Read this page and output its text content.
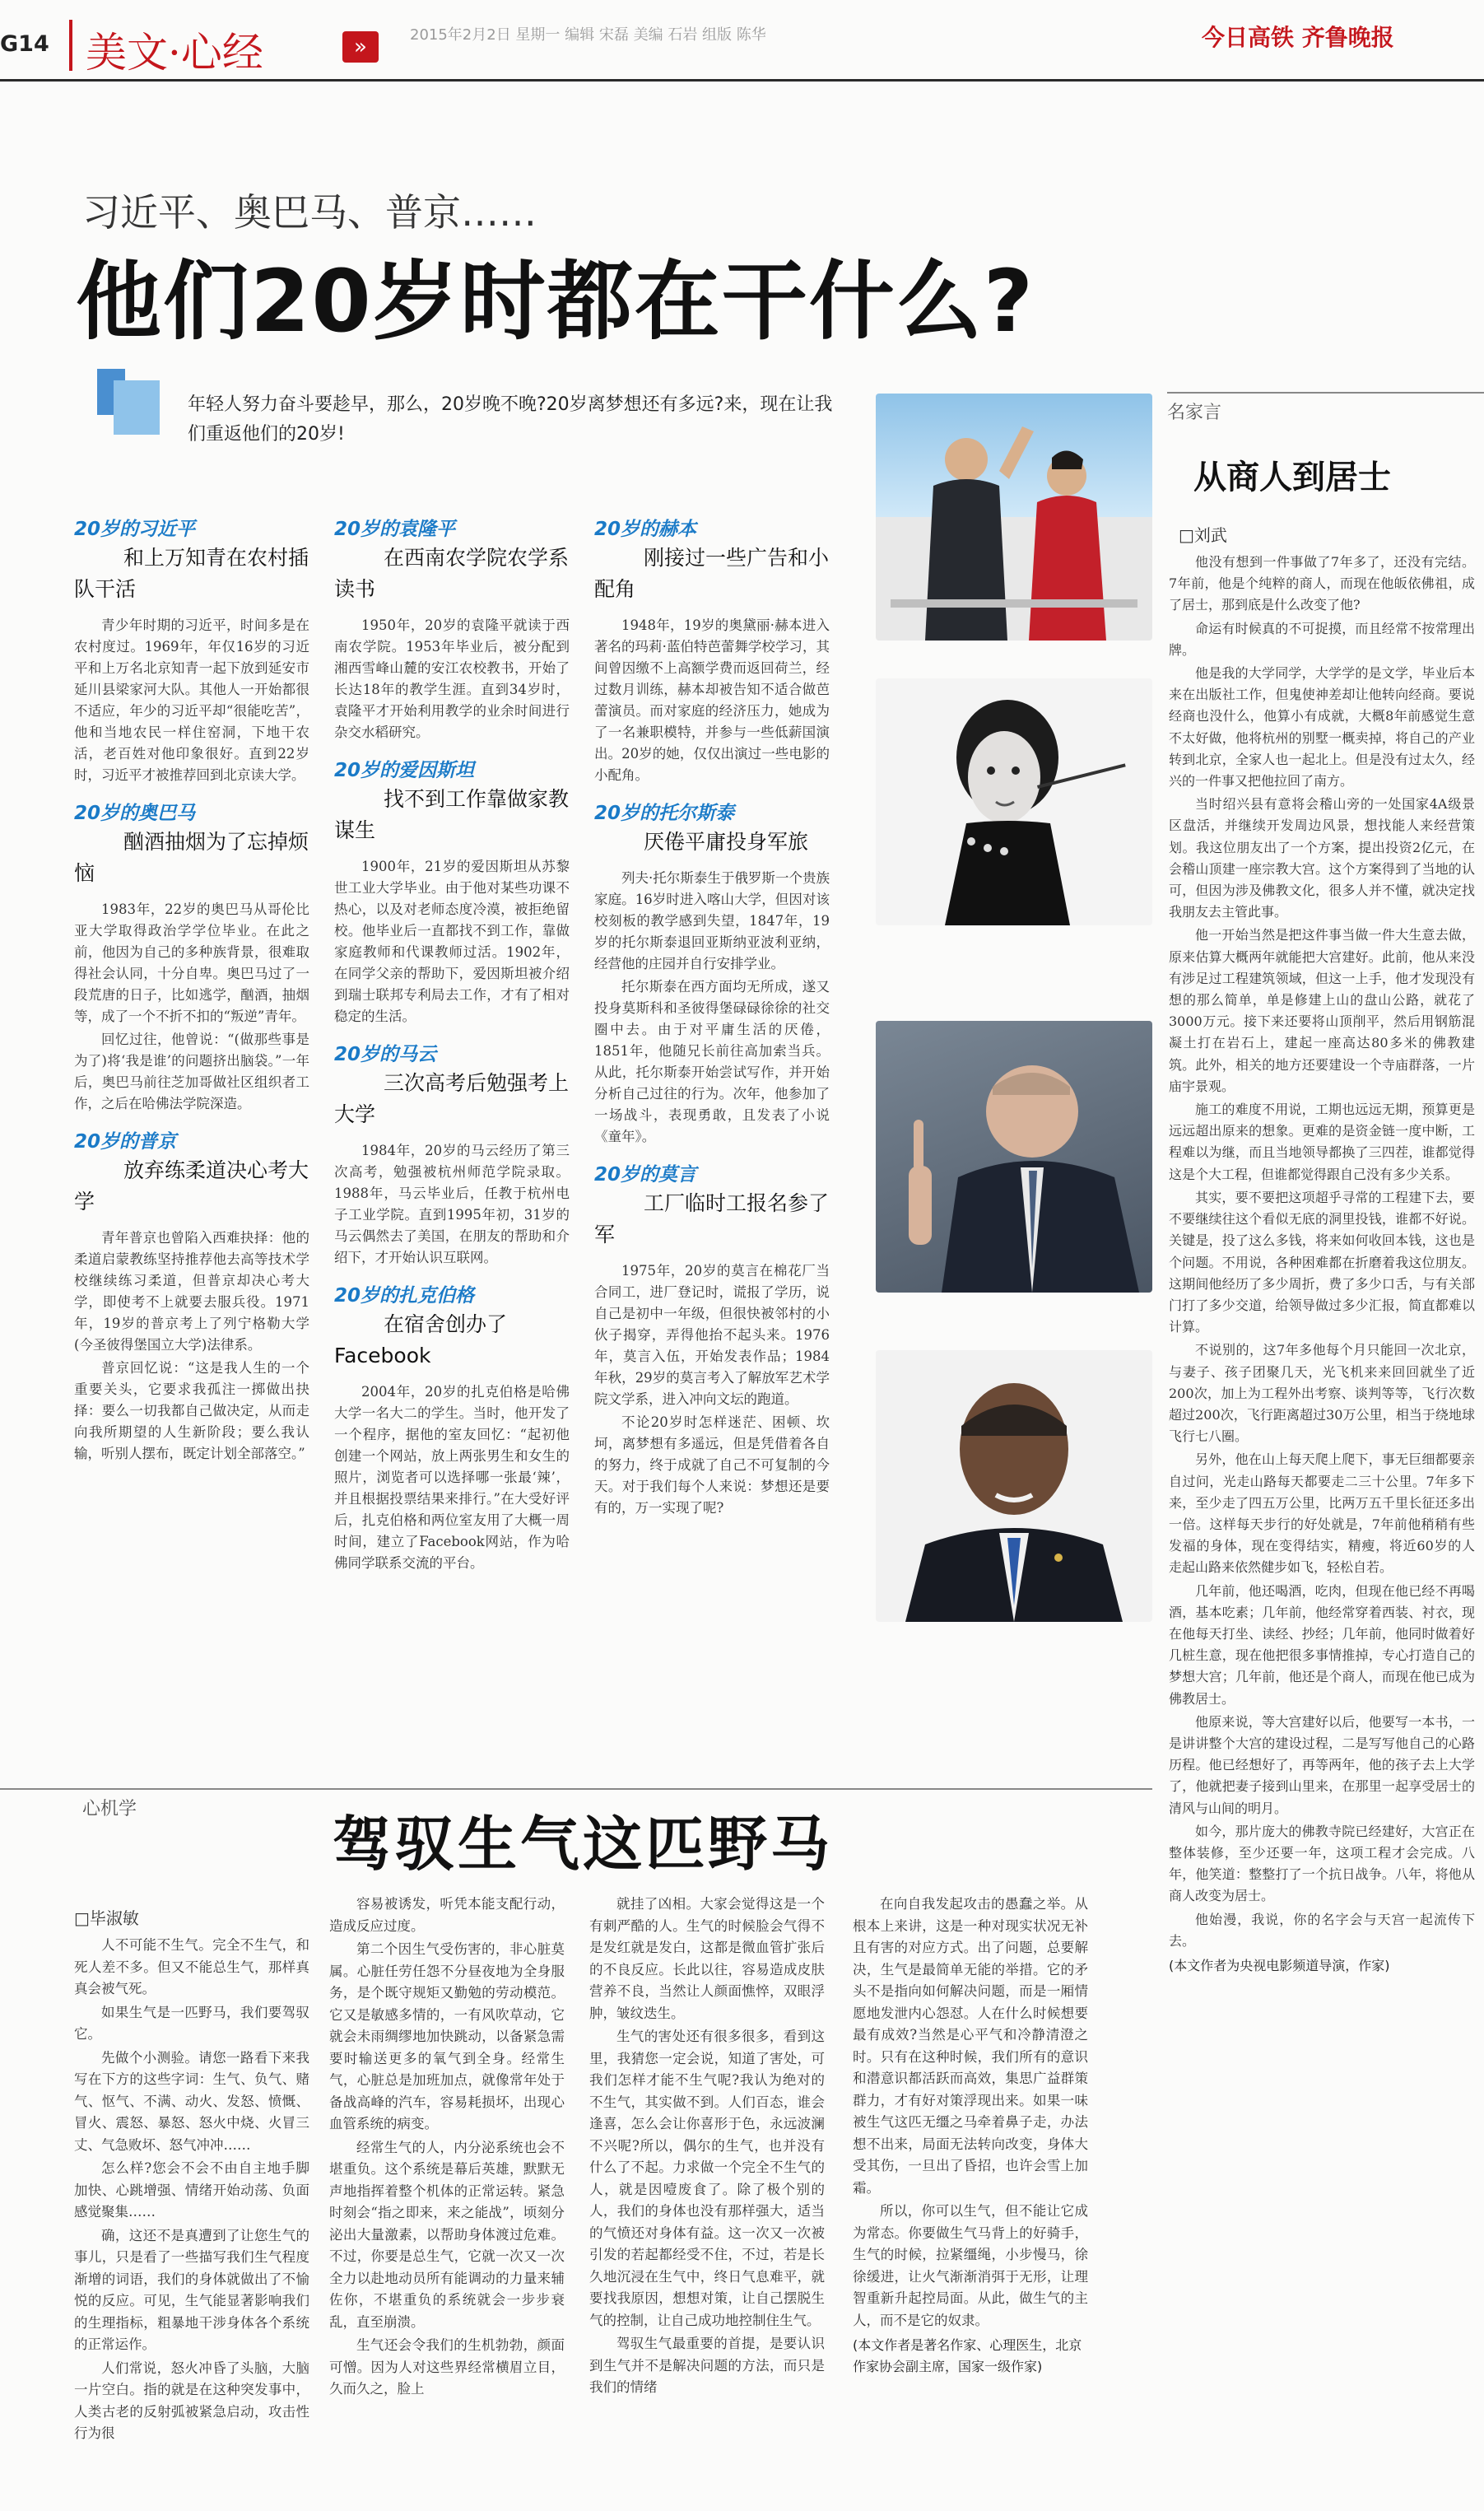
G14 美文·心经	»	2015年2月2日 星期一 编辑 宋磊 美编 石岩 组版 陈华	今日高铁 齐鲁晚报
习近平、奥巴马、普京……
他们20岁时都在干什么?
年轻人努力奋斗要趁早，那么，20岁晚不晚?20岁离梦想还有多远?来，现在让我们重返他们的20岁!
20岁的习近平
和上万知青在农村插队干活

青少年时期的习近平，时间多是在农村度过。1969年，年仅16岁的习近平和上万名北京知青一起下放到延安市延川县梁家河大队。其他人一开始都很不适应，年少的习近平却“很能吃苦”，他和当地农民一样住窑洞，下地干农活，老百姓对他印象很好。直到22岁时，习近平才被推荐回到北京读大学。

20岁的奥巴马
酗酒抽烟为了忘掉烦恼

1983年，22岁的奥巴马从哥伦比亚大学取得政治学学位毕业。在此之前，他因为自己的多种族背景，很难取得社会认同，十分自卑。奥巴马过了一段荒唐的日子，比如逃学，酗酒，抽烟等，成了一个不折不扣的“叛逆”青年。

回忆过往，他曾说：“(做那些事是为了)将‘我是谁’的问题挤出脑袋。”一年后，奥巴马前往芝加哥做社区组织者工作，之后在哈佛法学院深造。

20岁的普京
放弃练柔道决心考大学

青年普京也曾陷入西难抉择：他的柔道启蒙教练坚持推荐他去高等技术学校继续练习柔道，但普京却决心考大学，即使考不上就要去服兵役。1971年，19岁的普京考上了列宁格勒大学(今圣彼得堡国立大学)法律系。

普京回忆说：“这是我人生的一个重要关头，它要求我孤注一掷做出抉择：要么一切我都自己做决定，从而走向我所期望的人生新阶段；要么我认输，听别人摆布，既定计划全部落空。”

20岁的袁隆平
在西南农学院农学系读书

1950年，20岁的袁隆平就读于西南农学院。1953年毕业后，被分配到湘西雪峰山麓的安江农校教书，开始了长达18年的教学生涯。直到34岁时，袁隆平才开始利用教学的业余时间进行杂交水稻研究。

20岁的爱因斯坦
找不到工作靠做家教谋生

1900年，21岁的爱因斯坦从苏黎世工业大学毕业。由于他对某些功课不热心，以及对老师态度冷漠，被拒绝留校。他毕业后一直都找不到工作，靠做家庭教师和代课教师过活。1902年，在同学父亲的帮助下，爱因斯坦被介绍到瑞士联邦专利局去工作，才有了相对稳定的生活。

20岁的马云
三次高考后勉强考上大学

1984年，20岁的马云经历了第三次高考，勉强被杭州师范学院录取。1988年，马云毕业后，任教于杭州电子工业学院。直到1995年初，31岁的马云偶然去了美国，在朋友的帮助和介绍下，才开始认识互联网。

20岁的扎克伯格
在宿舍创办了Facebook

2004年，20岁的扎克伯格是哈佛大学一名大二的学生。当时，他开发了一个程序，据他的室友回忆：“起初他创建一个网站，放上两张男生和女生的照片，浏览者可以选择哪一张最‘辣’，并且根据投票结果来排行。”在大受好评后，扎克伯格和两位室友用了大概一周时间，建立了Facebook网站，作为哈佛同学联系交流的平台。

20岁的赫本
刚接过一些广告和小配角

1948年，19岁的奥黛丽·赫本进入著名的玛莉·蓝伯特芭蕾舞学校学习，其间曾因缴不上高额学费而返回荷兰，经过数月训练，赫本却被告知不适合做芭蕾演员。而对家庭的经济压力，她成为了一名兼职模特，并参与一些低薪国演出。20岁的她，仅仅出演过一些电影的小配角。

20岁的托尔斯泰
厌倦平庸投身军旅

列夫·托尔斯泰生于俄罗斯一个贵族家庭。16岁时进入喀山大学，但因对该校刻板的教学感到失望，1847年，19岁的托尔斯泰退回亚斯纳亚波利亚纳，经营他的庄园并自行安排学业。

托尔斯泰在西方面均无所成，遂又投身莫斯科和圣彼得堡碌碌徐徐的社交圈中去。由于对平庸生活的厌倦，1851年，他随兄长前往高加索当兵。从此，托尔斯泰开始尝试写作，并开始分析自己过往的行为。次年，他参加了一场战斗，表现勇敢，且发表了小说《童年》。

20岁的莫言
工厂临时工报名参了军

1975年，20岁的莫言在棉花厂当合同工，进厂登记时，谎报了学历，说自己是初中一年级，但很快被邻村的小伙子揭穿，弄得他抬不起头来。1976年，莫言入伍，开始发表作品；1984年秋，29岁的莫言考入了解放军艺术学院文学系，进入冲向文坛的跑道。

不论20岁时怎样迷茫、困顿、坎坷，离梦想有多遥远，但是凭借着各自的努力，终于成就了自己不可复制的今天。对于我们每个人来说：梦想还是要有的，万一实现了呢?

名家言
从商人到居士
□刘武

他没有想到一件事做了7年多了，还没有完结。7年前，他是个纯粹的商人，而现在他皈依佛祖，成了居士，那到底是什么改变了他?

命运有时候真的不可捉摸，而且经常不按常理出牌。

他是我的大学同学，大学学的是文学，毕业后本来在出版社工作，但鬼使神差却让他转向经商。要说经商也没什么，他算小有成就，大概8年前感觉生意不太好做，他将杭州的别墅一概卖掉，将自己的产业转到北京，全家人也一起北上。但是没有过太久，经兴的一件事又把他拉回了南方。

当时绍兴县有意将会稽山旁的一处国家4A级景区盘活，并继续开发周边风景，想找能人来经营策划。我这位朋友出了一个方案，提出投资2亿元，在会稽山顶建一座宗教大宫。这个方案得到了当地的认可，但因为涉及佛教文化，很多人并不懂，就决定找我朋友去主管此事。

他一开始当然是把这件事当做一件大生意去做，原来估算大概两年就能把大宫建好。此前，他从来没有涉足过工程建筑领域，但这一上手，他才发现没有想的那么简单，单是修建上山的盘山公路，就花了3000万元。接下来还要将山顶削平，然后用钢筋混凝土打在岩石上，建起一座高达80多米的佛教建筑。此外，相关的地方还要建设一个寺庙群落，一片庙宇景观。

施工的难度不用说，工期也远远无期，预算更是远远超出原来的想象。更难的是资金链一度中断，工程难以为继，而且当地领导都换了三四茬，谁都觉得这是个大工程，但谁都觉得跟自己没有多少关系。

其实，要不要把这项超乎寻常的工程建下去，要不要继续往这个看似无底的洞里投钱，谁都不好说。关键是，投了这么多钱，将来如何收回本钱，这也是个问题。不用说，各种困难都在折磨着我这位朋友。这期间他经历了多少周折，费了多少口舌，与有关部门打了多少交道，给领导做过多少汇报，简直都难以计算。

不说别的，这7年多他每个月只能回一次北京，与妻子、孩子团聚几天，光飞机来来回回就坐了近200次，加上为工程外出考察、谈判等等，飞行次数超过200次，飞行距离超过30万公里，相当于绕地球飞行七八圈。

另外，他在山上每天爬上爬下，事无巨细都要亲自过问，光走山路每天都要走二三十公里。7年多下来，至少走了四五万公里，比两万五千里长征还多出一倍。这样每天步行的好处就是，7年前他稍稍有些发福的身体，现在变得结实，精瘦，将近60岁的人走起山路来依然健步如飞，轻松自若。

几年前，他还喝酒，吃肉，但现在他已经不再喝酒，基本吃素；几年前，他经常穿着西装、衬衣，现在他每天打坐、读经、抄经；几年前，他同时做着好几桩生意，现在他把很多事情推掉，专心打造自己的梦想大宫；几年前，他还是个商人，而现在他已成为佛教居士。

他原来说，等大宫建好以后，他要写一本书，一是讲讲整个大宫的建设过程，二是写写他自己的心路历程。他已经想好了，再等两年，他的孩子去上大学了，他就把妻子接到山里来，在那里一起享受居士的清风与山间的明月。

如今，那片庞大的佛教寺院已经建好，大宫正在整体装修，至少还要一年，这项工程才会完成。八年，他笑道：整整打了一个抗日战争。八年，将他从商人改变为居士。

他始漫，我说，你的名字会与天宫一起流传下去。

(本文作者为央视电影频道导演，作家)
心机学
驾驭生气这匹野马
□毕淑敏

人不可能不生气。完全不生气，和死人差不多。但又不能总生气，那样真真会被气死。

如果生气是一匹野马，我们要驾驭它。

先做个小测验。请您一路看下来我写在下方的这些字词：生气、负气、赌气、怄气、不满、动火、发怒、愤慨、冒火、震怒、暴怒、怒火中烧、火冒三丈、气急败坏、怒气冲冲……

怎么样?您会不会不由自主地手脚加快、心跳增强、情绪开始动荡、负面感觉聚集……

确，这还不是真遭到了让您生气的事儿，只是看了一些描写我们生气程度渐增的词语，我们的身体就做出了不愉悦的反应。可见，生气能显著影响我们的生理指标，粗暴地干涉身体各个系统的正常运作。

人们常说，怒火冲昏了头脑，大脑一片空白。指的就是在这种突发事中，人类古老的反射弧被紧急启动，攻击性行为很

容易被诱发，听凭本能支配行动，造成反应过度。

第二个因生气受伤害的，非心脏莫属。心脏任劳任怨不分昼夜地为全身服务，是个既守规矩又勤勉的劳动模范。它又是敏感多情的，一有风吹草动，它就会未雨绸缪地加快跳动，以备紧急需要时输送更多的氧气到全身。经常生气，心脏总是加班加点，就像常年处于备战高峰的汽车，容易耗损坏，出现心血管系统的病变。

经常生气的人，内分泌系统也会不堪重负。这个系统是幕后英雄，默默无声地指挥着整个机体的正常运转。紧急时刻会“指之即来，来之能战”，顷刻分泌出大量激素，以帮助身体渡过危难。不过，你要是总生气，它就一次又一次全力以赴地动员所有能调动的力量来辅佐你，不堪重负的系统就会一步步衰乱，直至崩溃。

生气还会令我们的生机勃勃，颜面可憎。因为人对这些界经常横眉立目，久而久之，脸上

就挂了凶相。大家会觉得这是一个有刺严酷的人。生气的时候脸会气得不是发红就是发白，这都是微血管扩张后的不良反应。长此以往，容易造成皮肤营养不良，当然让人颜面憔悴，双眼浮肿，皱纹迭生。

生气的害处还有很多很多，看到这里，我猜您一定会说，知道了害处，可我们怎样才能不生气呢?我认为绝对的不生气，其实做不到。人们百态，谁会逢喜，怎么会让你喜形于色，永远波澜不兴呢?所以，偶尔的生气，也并没有什么了不起。力求做一个完全不生气的人，就是因噎废食了。除了极个别的人，我们的身体也没有那样强大，适当的气愤还对身体有益。这一次又一次被引发的若起都经受不住，不过，若是长久地沉浸在生气中，终日气息难平，就要找我原因，想想对策，让自己摆脱生气的控制，让自己成功地控制住生气。

驾驭生气最重要的首提，是要认识到生气并不是解决问题的方法，而只是我们的情绪

在向自我发起攻击的愚蠢之举。从根本上来讲，这是一种对现实状况无补且有害的对应方式。出了问题，总要解决，生气是最简单无能的举措。它的矛头不是指向如何解决问题，而是一厢情愿地发泄内心怨怼。人在什么时候想要最有成效?当然是心平气和冷静清澄之时。只有在这种时候，我们所有的意识和潜意识都活跃而高效，集思广益群策群力，才有好对策浮现出来。如果一味被生气这匹无缰之马牵着鼻子走，办法想不出来，局面无法转向改变，身体大受其伤，一旦出了昏招，也许会雪上加霜。

所以，你可以生气，但不能让它成为常态。你要做生气马背上的好骑手，生气的时候，拉紧缰绳，小步慢马，徐徐缓进，让火气渐渐消弭于无形，让理智重新升起控局面。从此，做生气的主人，而不是它的奴隶。

(本文作者是著名作家、心理医生，北京作家协会副主席，国家一级作家)
